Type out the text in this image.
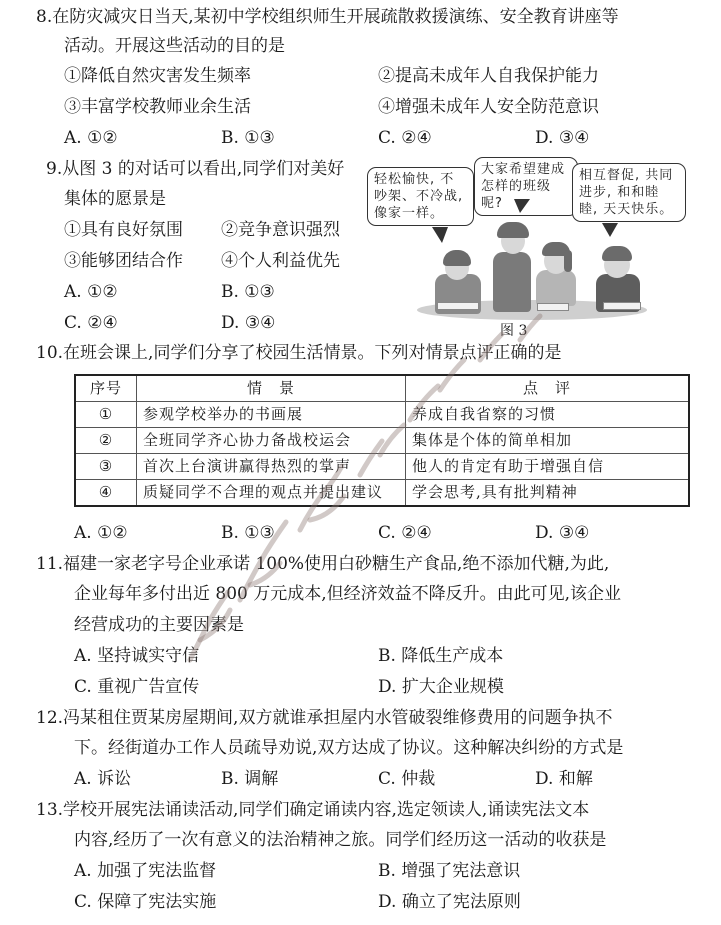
8.在防灾减灾日当天,某初中学校组织师生开展疏散救援演练、安全教育讲座等
活动。开展这些活动的目的是
①降低自然灾害发生频率	②提高未成年人自我保护能力
③丰富学校教师业余生活	④增强未成年人安全防范意识
A. ①②	B. ①③	C. ②④	D. ③④
9.从图 3 的对话可以看出,同学们对美好
集体的愿景是
①具有良好氛围 ②竞争意识强烈
③能够团结合作 ④个人利益优先
A. ①②	B. ①③
C. ②④	D. ③④
轻松愉快, 不
吵架、不冷战,
像家一样。
大家希望建成
怎样的班级呢?
相互督促, 共同
进步, 和和睦
睦, 天天快乐。
图 3
10.在班会课上,同学们分享了校园生活情景。下列对情景点评正确的是
序号	情　景	点　评
①	参观学校举办的书画展	养成自我省察的习惯
②	全班同学齐心协力备战校运会	集体是个体的简单相加
③	首次上台演讲赢得热烈的掌声	他人的肯定有助于增强自信
④	质疑同学不合理的观点并提出建议	学会思考,具有批判精神
A. ①②	B. ①③	C. ②④	D. ③④
11.福建一家老字号企业承诺 100%使用白砂糖生产食品,绝不添加代糖,为此,
企业每年多付出近 800 万元成本,但经济效益不降反升。由此可见,该企业
经营成功的主要因素是
A. 坚持诚实守信	B. 降低生产成本
C. 重视广告宣传	D. 扩大企业规模
12.冯某租住贾某房屋期间,双方就谁承担屋内水管破裂维修费用的问题争执不
下。经街道办工作人员疏导劝说,双方达成了协议。这种解决纠纷的方式是
A. 诉讼	B. 调解	C. 仲裁	D. 和解
13.学校开展宪法诵读活动,同学们确定诵读内容,选定领读人,诵读宪法文本
内容,经历了一次有意义的法治精神之旅。同学们经历这一活动的收获是
A. 加强了宪法监督	B. 增强了宪法意识
C. 保障了宪法实施	D. 确立了宪法原则
